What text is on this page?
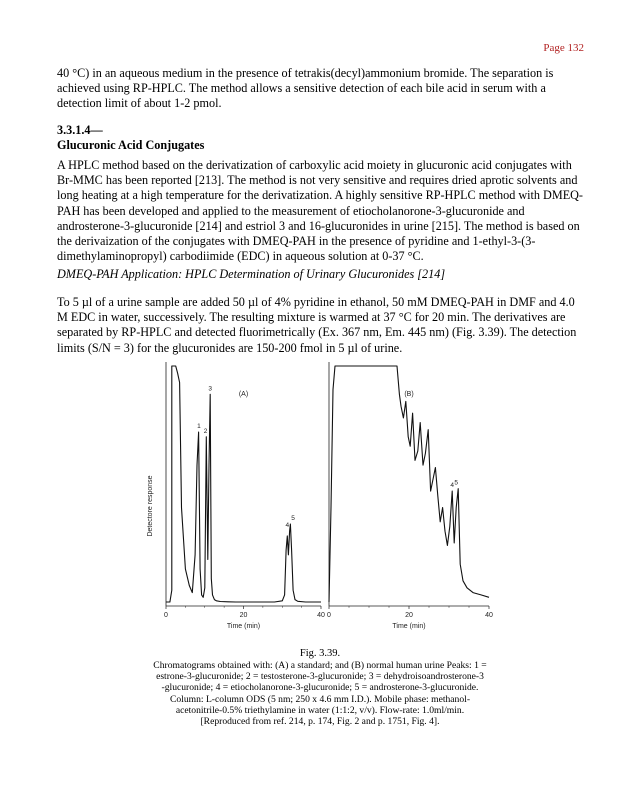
Page 132
40 °C) in an aqueous medium in the presence of tetrakis(decyl)ammonium bromide. The separation is achieved using RP-HPLC. The method allows a sensitive detection of each bile acid in serum with a detection limit of about 1-2 pmol.
3.3.1.4—
Glucuronic Acid Conjugates
A HPLC method based on the derivatization of carboxylic acid moiety in glucuronic acid conjugates with Br-MMC has been reported [213]. The method is not very sensitive and requires dried aprotic solvents and long heating at a high temperature for the derivatization. A highly sensitive RP-HPLC method with DMEQ-PAH has been developed and applied to the measurement of etiocholanorone-3-glucuronide and androsterone-3-glucuronide [214] and estriol 3 and 16-glucuronides in urine [215]. The method is based on the derivaization of the conjugates with DMEQ-PAH in the presence of pyridine and 1-ethyl-3-(3-dimethylaminopropyl) carbodiimide (EDC) in aqueous solution at 0-37 °C.
DMEQ-PAH Application: HPLC Determination of Urinary Glucuronides [214]
To 5 µl of a urine sample are added 50 µl of 4% pyridine in ethanol, 50 mM DMEQ-PAH in DMF and 4.0 M EDC in water, successively. The resulting mixture is warmed at 37 °C for 20 min. The derivatives are separated by RP-HPLC and detected fluorimetrically (Ex. 367 nm, Em. 445 nm) (Fig. 3.39). The detection limits (S/N = 3) for the glucuronides are 150-200 fmol in 5 µl of urine.
0	20	40
Time (min)
Detectore response
(A)
1
2
3
4
5
0	20	40
Time (min)
(B)
4 5
Fig. 3.39.
Chromatograms obtained with: (A) a standard; and (B) normal human urine Peaks: 1 =
estrone-3-glucuronide; 2 = testosterone-3-glucuronide; 3 = dehydroisoandrosterone-3
-glucuronide; 4 = etiocholanorone-3-glucuronide; 5 = androsterone-3-glucuronide.
Column: L-column ODS (5 nm; 250 x 4.6 mm I.D.). Mobile phase: methanol-
acetonitrile-0.5% triethylamine in water (1:1:2, v/v). Flow-rate: 1.0ml/min.
[Reproduced from ref. 214, p. 174, Fig. 2 and p. 1751, Fig. 4].
